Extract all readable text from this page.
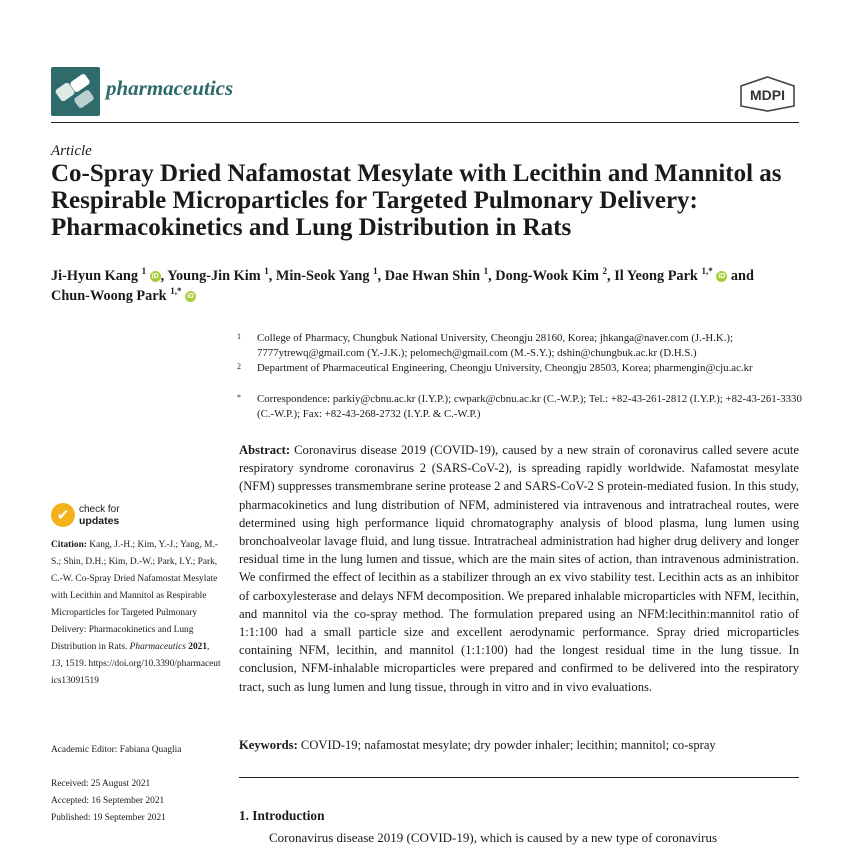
pharmaceutics	MDPI
Article
Co-Spray Dried Nafamostat Mesylate with Lecithin and Mannitol as Respirable Microparticles for Targeted Pulmonary Delivery: Pharmacokinetics and Lung Distribution in Rats
Ji-Hyun Kang $^1$ iD , Young-Jin Kim $^1$, Min-Seok Yang $^1$, Dae Hwan Shin $^1$, Dong-Wook Kim $^2$, Il Yeong Park $^{1,*}$ iD and
Chun-Woong Park $^{1,*}$ iD
1 College of Pharmacy, Chungbuk National University, Cheongju 28160, Korea; jhkanga@naver.com (J.-H.K.); 7777ytrewq@gmail.com (Y.-J.K.); pelomech@gmail.com (M.-S.Y.); dshin@chungbuk.ac.kr (D.H.S.)
2 Department of Pharmaceutical Engineering, Cheongju University, Cheongju 28503, Korea; pharmengin@cju.ac.kr
* Correspondence: parkiy@cbnu.ac.kr (I.Y.P.); cwpark@cbnu.ac.kr (C.-W.P.); Tel.: +82-43-261-2812 (I.Y.P.); +82-43-261-3330 (C.-W.P.); Fax: +82-43-268-2732 (I.Y.P. & C.-W.P.)
Abstract: Coronavirus disease 2019 (COVID-19), caused by a new strain of coronavirus called severe acute respiratory syndrome coronavirus 2 (SARS-CoV-2), is spreading rapidly worldwide. Nafamostat mesylate (NFM) suppresses transmembrane serine protease 2 and SARS-CoV-2 S protein-mediated fusion. In this study, pharmacokinetics and lung distribution of NFM, administered via intravenous and intratracheal routes, were determined using high performance liquid chromatography analysis of blood plasma, lung lumen using bronchoalveolar lavage fluid, and lung tissue. Intratracheal administration had higher drug delivery and longer residual time in the lung lumen and tissue, which are the main sites of action, than intravenous administration. We confirmed the effect of lecithin as a stabilizer through an ex vivo stability test. Lecithin acts as an inhibitor of carboxylesterase and delays NFM decomposition. We prepared inhalable microparticles with NFM, lecithin, and mannitol via the co-spray method. The formulation prepared using an NFM:lecithin:mannitol ratio of 1:1:100 had a small particle size and excellent aerodynamic performance. Spray dried microparticles containing NFM, lecithin, and mannitol (1:1:100) had the longest residual time in the lung tissue. In conclusion, NFM-inhalable microparticles were prepared and confirmed to be delivered into the respiratory tract, such as lung lumen and lung tissue, through in vitro and in vivo evaluations.
Keywords: COVID-19; nafamostat mesylate; dry powder inhaler; lecithin; mannitol; co-spray
1. Introduction
Coronavirus disease 2019 (COVID-19), which is caused by a new type of coronavirus
✔ check for
updates
Citation: Kang, J.-H.; Kim, Y.-J.; Yang, M.-S.; Shin, D.H.; Kim, D.-W.; Park, I.Y.; Park, C.-W. Co-Spray Dried Nafamostat Mesylate with Lecithin and Mannitol as Respirable Microparticles for Targeted Pulmonary Delivery: Pharmacokinetics and Lung Distribution in Rats. Pharmaceutics 2021, 13, 1519. https://doi.org/10.3390/pharmaceutics13091519
Academic Editor: Fabiana Quaglia
Received: 25 August 2021
Accepted: 16 September 2021
Published: 19 September 2021
